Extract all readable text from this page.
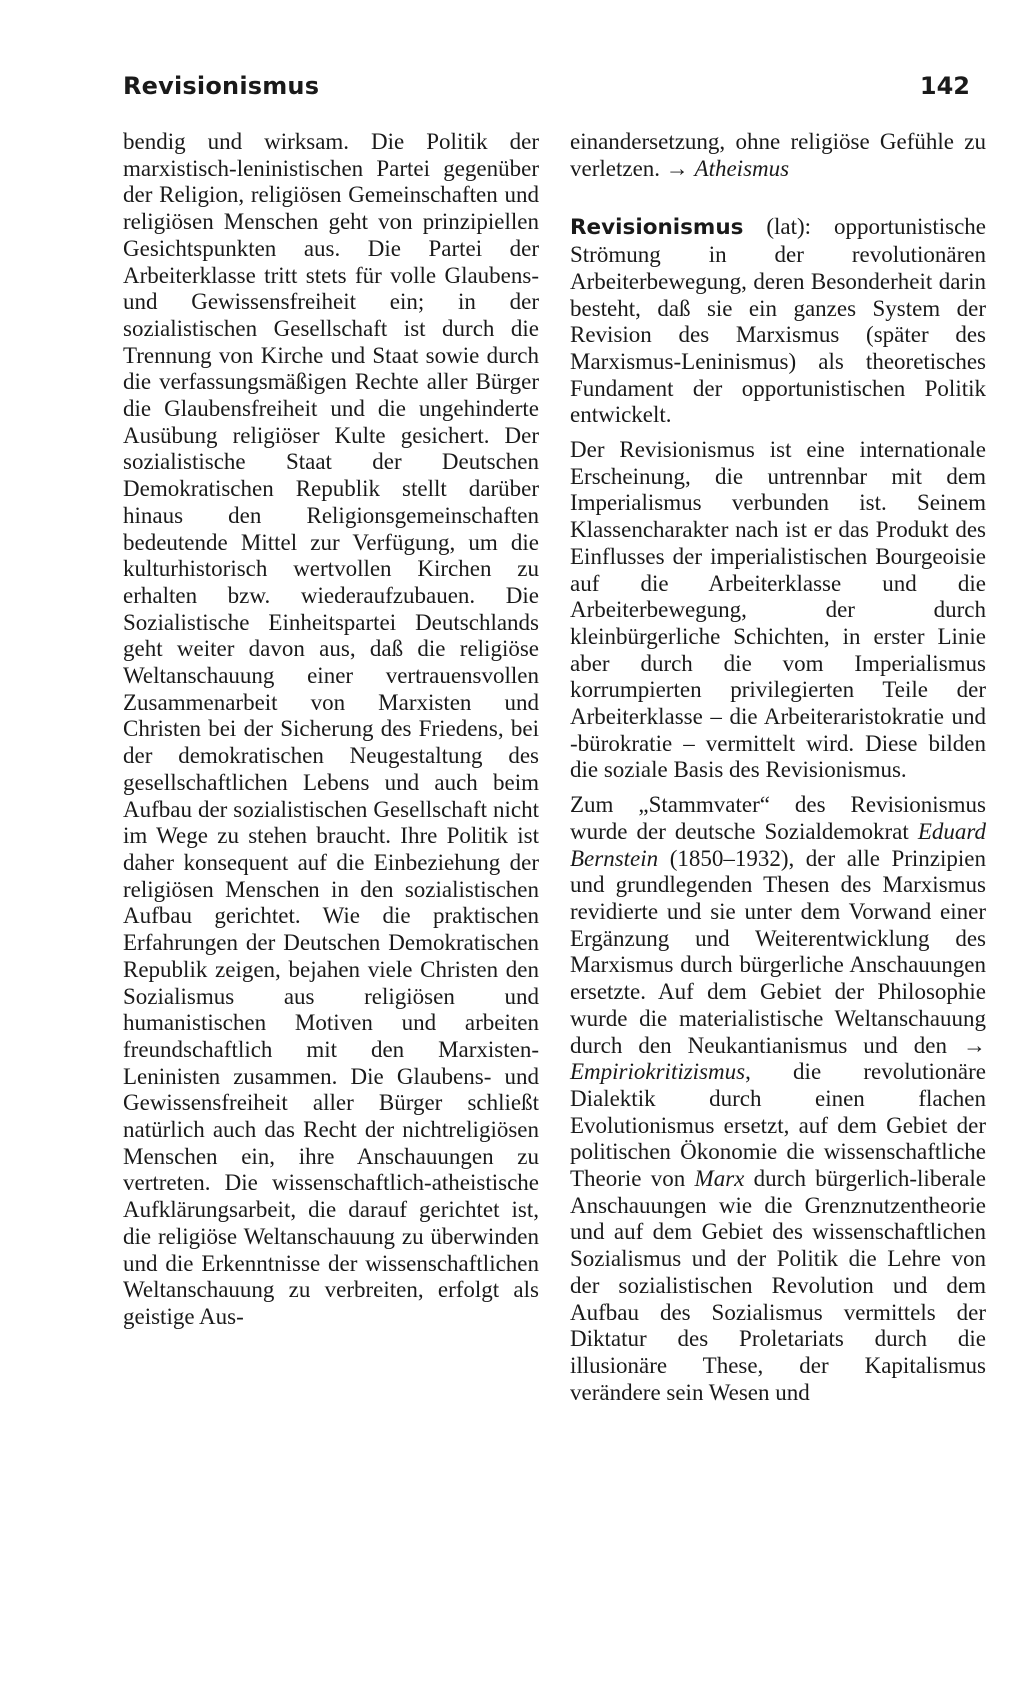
Revisionismus	142

bendig und wirksam. Die Politik der marxistisch-leninistischen Partei gegenüber der Religion, religiösen Gemeinschaften und religiösen Menschen geht von prinzipiellen Gesichtspunkten aus. Die Partei der Arbeiterklasse tritt stets für volle Glaubens- und Gewissensfreiheit ein; in der sozialistischen Gesellschaft ist durch die Trennung von Kirche und Staat sowie durch die verfassungsmäßigen Rechte aller Bürger die Glaubensfreiheit und die ungehinderte Ausübung religiöser Kulte gesichert. Der sozialistische Staat der Deutschen Demokratischen Republik stellt darüber hinaus den Religionsgemeinschaften bedeutende Mittel zur Verfügung, um die kulturhistorisch wertvollen Kirchen zu erhalten bzw. wiederaufzubauen. Die Sozialistische Einheitspartei Deutschlands geht weiter davon aus, daß die religiöse Weltanschauung einer vertrauensvollen Zusammenarbeit von Marxisten und Christen bei der Sicherung des Friedens, bei der demokratischen Neugestaltung des gesellschaftlichen Lebens und auch beim Aufbau der sozialistischen Gesellschaft nicht im Wege zu stehen braucht. Ihre Politik ist daher konsequent auf die Einbeziehung der religiösen Menschen in den sozialistischen Aufbau gerichtet. Wie die praktischen Erfahrungen der Deutschen Demokratischen Republik zeigen, bejahen viele Christen den Sozialismus aus religiösen und humanistischen Motiven und arbeiten freundschaftlich mit den Marxisten-Leninisten zusammen. Die Glaubens- und Gewissensfreiheit aller Bürger schließt natürlich auch das Recht der nichtreligiösen Menschen ein, ihre Anschauungen zu vertreten. Die wissenschaftlich-atheistische Aufklärungsarbeit, die darauf gerichtet ist, die religiöse Weltanschauung zu überwinden und die Erkenntnisse der wissenschaftlichen Weltanschauung zu verbreiten, erfolgt als geistige Aus-

einandersetzung, ohne religiöse Gefühle zu verletzen. → Atheismus

Revisionismus (lat): opportunistische Strömung in der revolutionären Arbeiterbewegung, deren Besonderheit darin besteht, daß sie ein ganzes System der Revision des Marxismus (später des Marxismus-Leninismus) als theoretisches Fundament der opportunistischen Politik entwickelt.

Der Revisionismus ist eine internationale Erscheinung, die untrennbar mit dem Imperialismus verbunden ist. Seinem Klassencharakter nach ist er das Produkt des Einflusses der imperialistischen Bourgeoisie auf die Arbeiterklasse und die Arbeiterbewegung, der durch kleinbürgerliche Schichten, in erster Linie aber durch die vom Imperialismus korrumpierten privilegierten Teile der Arbeiterklasse – die Arbeiteraristokratie und -bürokratie – vermittelt wird. Diese bilden die soziale Basis des Revisionismus.

Zum „Stammvater“ des Revisionismus wurde der deutsche Sozialdemokrat Eduard Bernstein (1850–1932), der alle Prinzipien und grundlegenden Thesen des Marxismus revidierte und sie unter dem Vorwand einer Ergänzung und Weiterentwicklung des Marxismus durch bürgerliche Anschauungen ersetzte. Auf dem Gebiet der Philosophie wurde die materialistische Weltanschauung durch den Neukantianismus und den → Empiriokritizismus, die revolutionäre Dialektik durch einen flachen Evolutionismus ersetzt, auf dem Gebiet der politischen Ökonomie die wissenschaftliche Theorie von Marx durch bürgerlich-liberale Anschauungen wie die Grenznutzentheorie und auf dem Gebiet des wissenschaftlichen Sozialismus und der Politik die Lehre von der sozialistischen Revolution und dem Aufbau des Sozialismus vermittels der Diktatur des Proletariats durch die illusionäre These, der Kapitalismus verändere sein Wesen und
